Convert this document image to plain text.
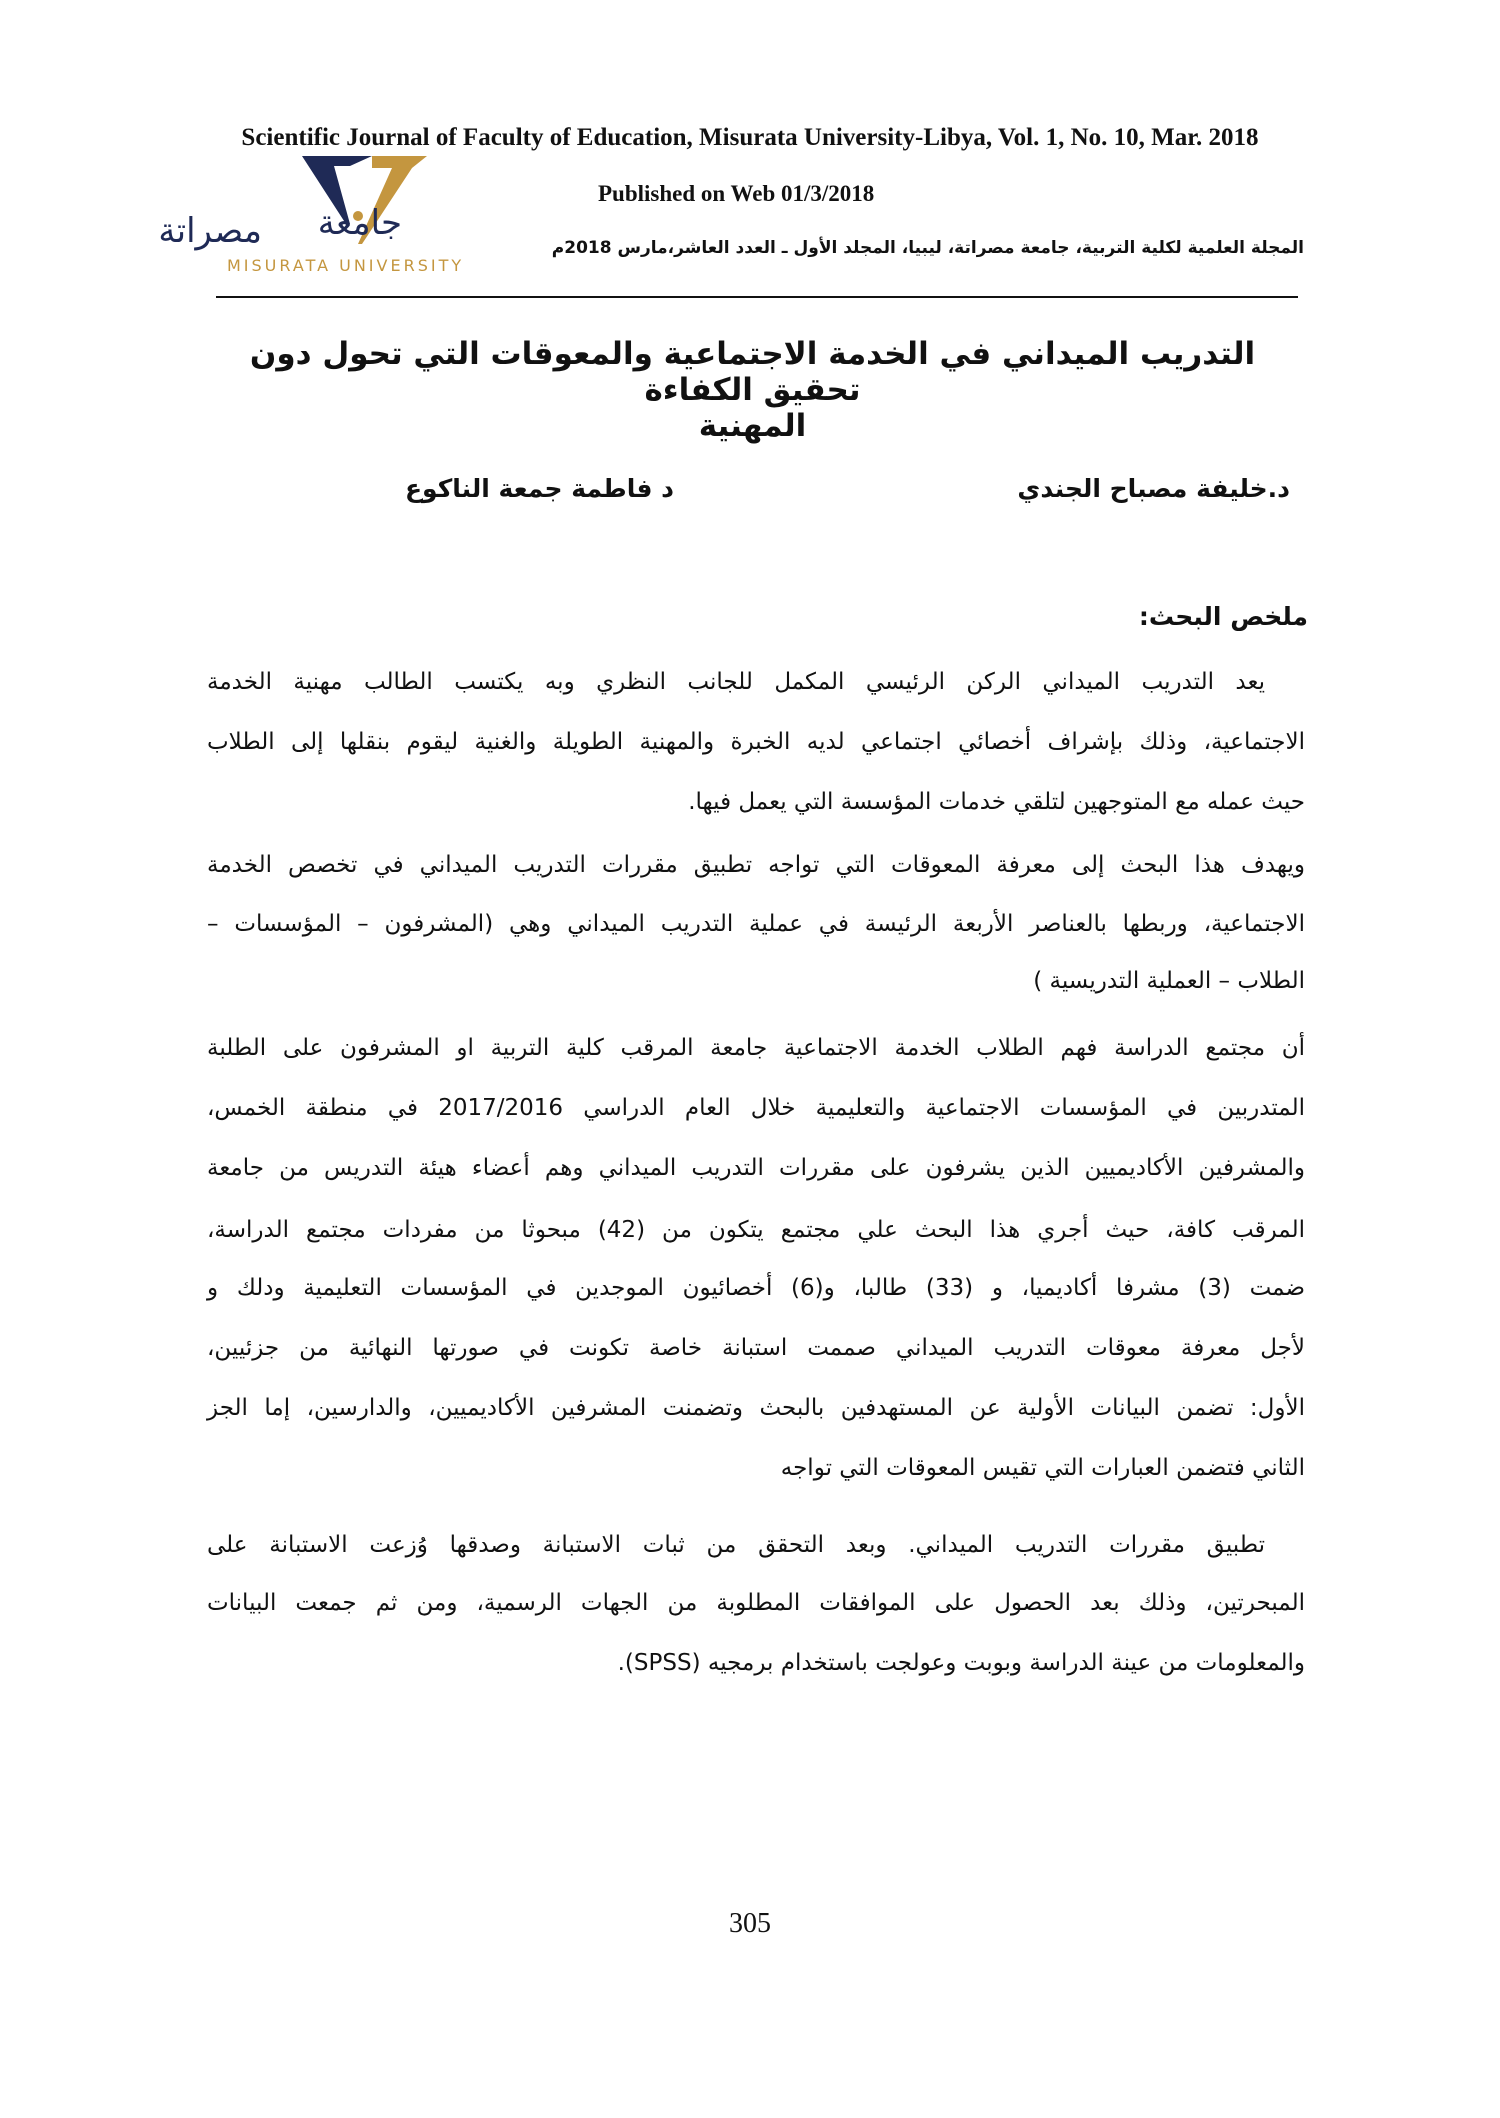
Scientific Journal of Faculty of Education, Misurata University-Libya, Vol. 1, No. 10, Mar. 2018
مصراتة جامعة
MISURATA UNIVERSITY
Published on Web 01/3/2018
المجلة العلمية لكلية التربية، جامعة مصراتة، ليبيا، المجلد الأول ـ العدد العاشر،مارس 2018م
التدريب الميداني في الخدمة الاجتماعية والمعوقات التي تحول دون تحقيق الكفاءة
المهنية
د.خليفة مصباح الجندي
د فاطمة جمعة الناكوع
ملخص البحث:
يعد التدريب الميداني الركن الرئيسي المكمل للجانب النظري وبه يكتسب الطالب مهنية الخدمة
الاجتماعية، وذلك بإشراف أخصائي اجتماعي لديه الخبرة والمهنية الطويلة والغنية ليقوم بنقلها إلى الطلاب
حيث عمله مع المتوجهين لتلقي خدمات المؤسسة التي يعمل فيها.
ويهدف هذا البحث إلى معرفة المعوقات التي تواجه تطبيق مقررات التدريب الميداني في تخصص الخدمة
الاجتماعية، وربطها بالعناصر الأربعة الرئيسة في عملية التدريب الميداني وهي (المشرفون – المؤسسات –
الطلاب – العملية التدريسية )
أن مجتمع الدراسة فهم الطلاب الخدمة الاجتماعية جامعة المرقب كلية التربية او المشرفون على الطلبة
المتدربين في المؤسسات الاجتماعية والتعليمية خلال العام الدراسي 2017/2016 في منطقة الخمس،
والمشرفين الأكاديميين الذين يشرفون على مقررات التدريب الميداني وهم أعضاء هيئة التدريس من جامعة
المرقب كافة، حيث أجري هذا البحث علي مجتمع يتكون من (42) مبحوثا من مفردات مجتمع الدراسة،
ضمت (3) مشرفا أكاديميا، و (33) طالبا، و(6) أخصائيون الموجدين في المؤسسات التعليمية ودلك و
لأجل معرفة معوقات التدريب الميداني صممت استبانة خاصة تكونت في صورتها النهائية من جزئيين،
الأول: تضمن البيانات الأولية عن المستهدفين بالبحث وتضمنت المشرفين الأكاديميين، والدارسين، إما الجز
الثاني فتضمن العبارات التي تقيس المعوقات التي تواجه
تطبيق مقررات التدريب الميداني. وبعد التحقق من ثبات الاستبانة وصدقها وُزعت الاستبانة على
المبحرتين، وذلك بعد الحصول على الموافقات المطلوبة من الجهات الرسمية، ومن ثم جمعت البيانات
والمعلومات من عينة الدراسة وبوبت وعولجت باستخدام برمجيه (SPSS).
305
